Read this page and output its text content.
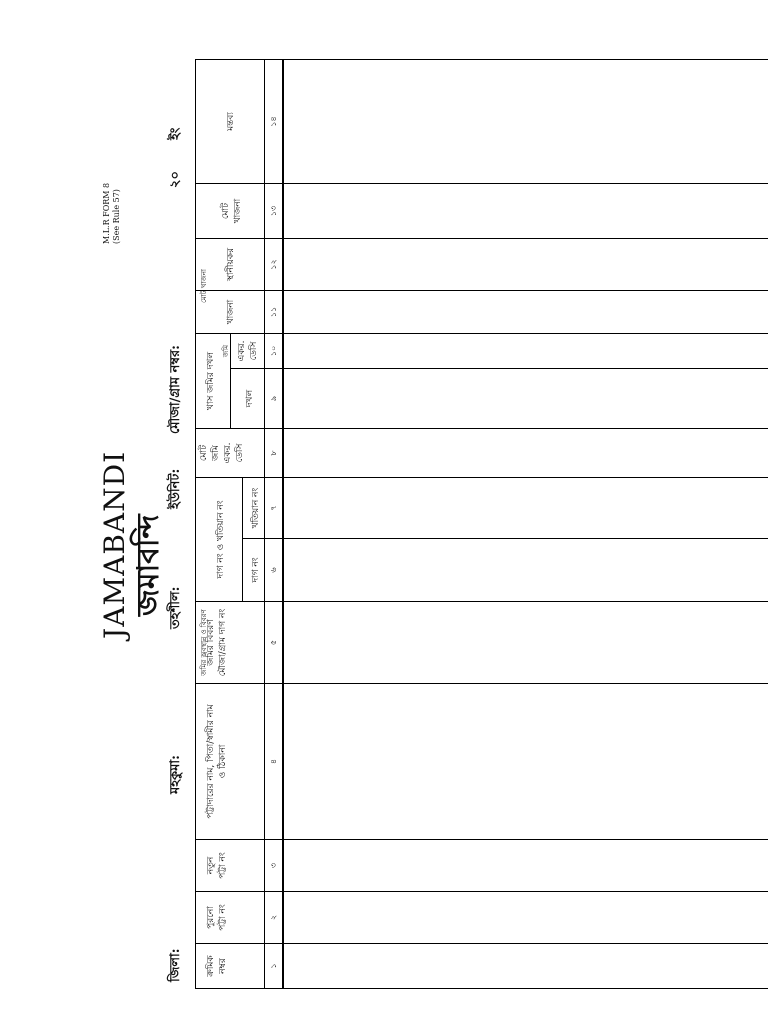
M.L.R FORM 8 (See Rule 57)
JAMABANDI জমাবন্দি
জিলা:
মহকুমা:
তহশীল:
ইউনিট:
মৌজা/গ্রাম নম্বর:
২০
ইং
ক্রমিক নম্বর
পুরনো পট্টা নং
নতুন পট্টা নং
পট্টাদারের নাম, পিতা/স্বামীর নাম ও ঠিকানা
জমির বিবরণ মৌজা/গ্রাম দাগ নং
দাগ নং ও খতিয়ান নং	দাগ নং
খতিয়ান নং
মোট জমি একর. ডেসি
খাস জমির দখল	দখল
একর. ডেসি
খাজনা
স্থানীয়কর
মোট খাজনা
মন্তব্য
১
২
৩
৪
৫
৬
৭
৮
৯
১০
১১
১২
১৩
১৪
জমির অবস্থান ও বিবরণ
জমি
মোট খাজনা
